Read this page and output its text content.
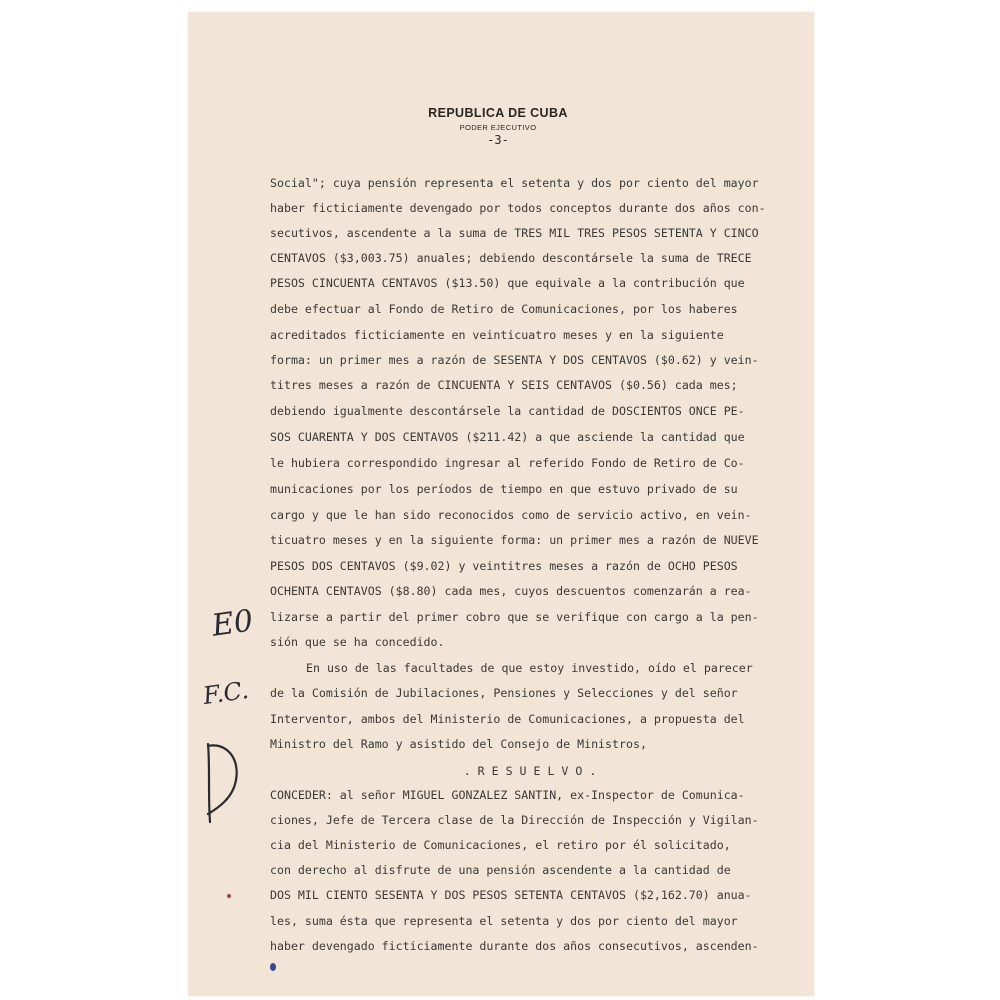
REPUBLICA DE CUBA
PODER EJECUTIVO
-3-
Social"; cuya pensión representa el setenta y dos por ciento del mayor
haber ficticiamente devengado por todos conceptos durante dos años con-
secutivos, ascendente a la suma de TRES MIL TRES PESOS SETENTA Y CINCO
CENTAVOS ($3,003.75) anuales; debiendo descontársele la suma de TRECE
PESOS CINCUENTA CENTAVOS ($13.50) que equivale a la contribución que
debe efectuar al Fondo de Retiro de Comunicaciones, por los haberes
acreditados ficticiamente en veinticuatro meses y en la siguiente
forma: un primer mes a razón de SESENTA Y DOS CENTAVOS ($0.62) y vein-
titres meses a razón de CINCUENTA Y SEIS CENTAVOS ($0.56) cada mes;
debiendo igualmente descontársele la cantidad de DOSCIENTOS ONCE PE-
SOS CUARENTA Y DOS CENTAVOS ($211.42) a que asciende la cantidad que
le hubiera correspondido ingresar al referido Fondo de Retiro de Co-
municaciones por los períodos de tiempo en que estuvo privado de su
cargo y que le han sido reconocidos como de servicio activo, en vein-
ticuatro meses y en la siguiente forma: un primer mes a razón de NUEVE
PESOS DOS CENTAVOS ($9.02) y veintitres meses a razón de OCHO PESOS
OCHENTA CENTAVOS ($8.80) cada mes, cuyos descuentos comenzarán a rea-
lizarse a partir del primer cobro que se verifique con cargo a la pen-
sión que se ha concedido.
En uso de las facultades de que estoy investido, oído el parecer
de la Comisión de Jubilaciones, Pensiones y Selecciones y del señor
Interventor, ambos del Ministerio de Comunicaciones, a propuesta del
Ministro del Ramo y asistido del Consejo de Ministros,
. R E S U E L V O .
CONCEDER: al señor MIGUEL GONZALEZ SANTIN, ex-Inspector de Comunica-
ciones, Jefe de Tercera clase de la Dirección de Inspección y Vigilan-
cia del Ministerio de Comunicaciones, el retiro por él solicitado,
con derecho al disfrute de una pensión ascendente a la cantidad de
DOS MIL CIENTO SESENTA Y DOS PESOS SETENTA CENTAVOS ($2,162.70) anua-
les, suma ésta que representa el setenta y dos por ciento del mayor
haber devengado ficticiamente durante dos años consecutivos, ascenden-
E0
F.C.
